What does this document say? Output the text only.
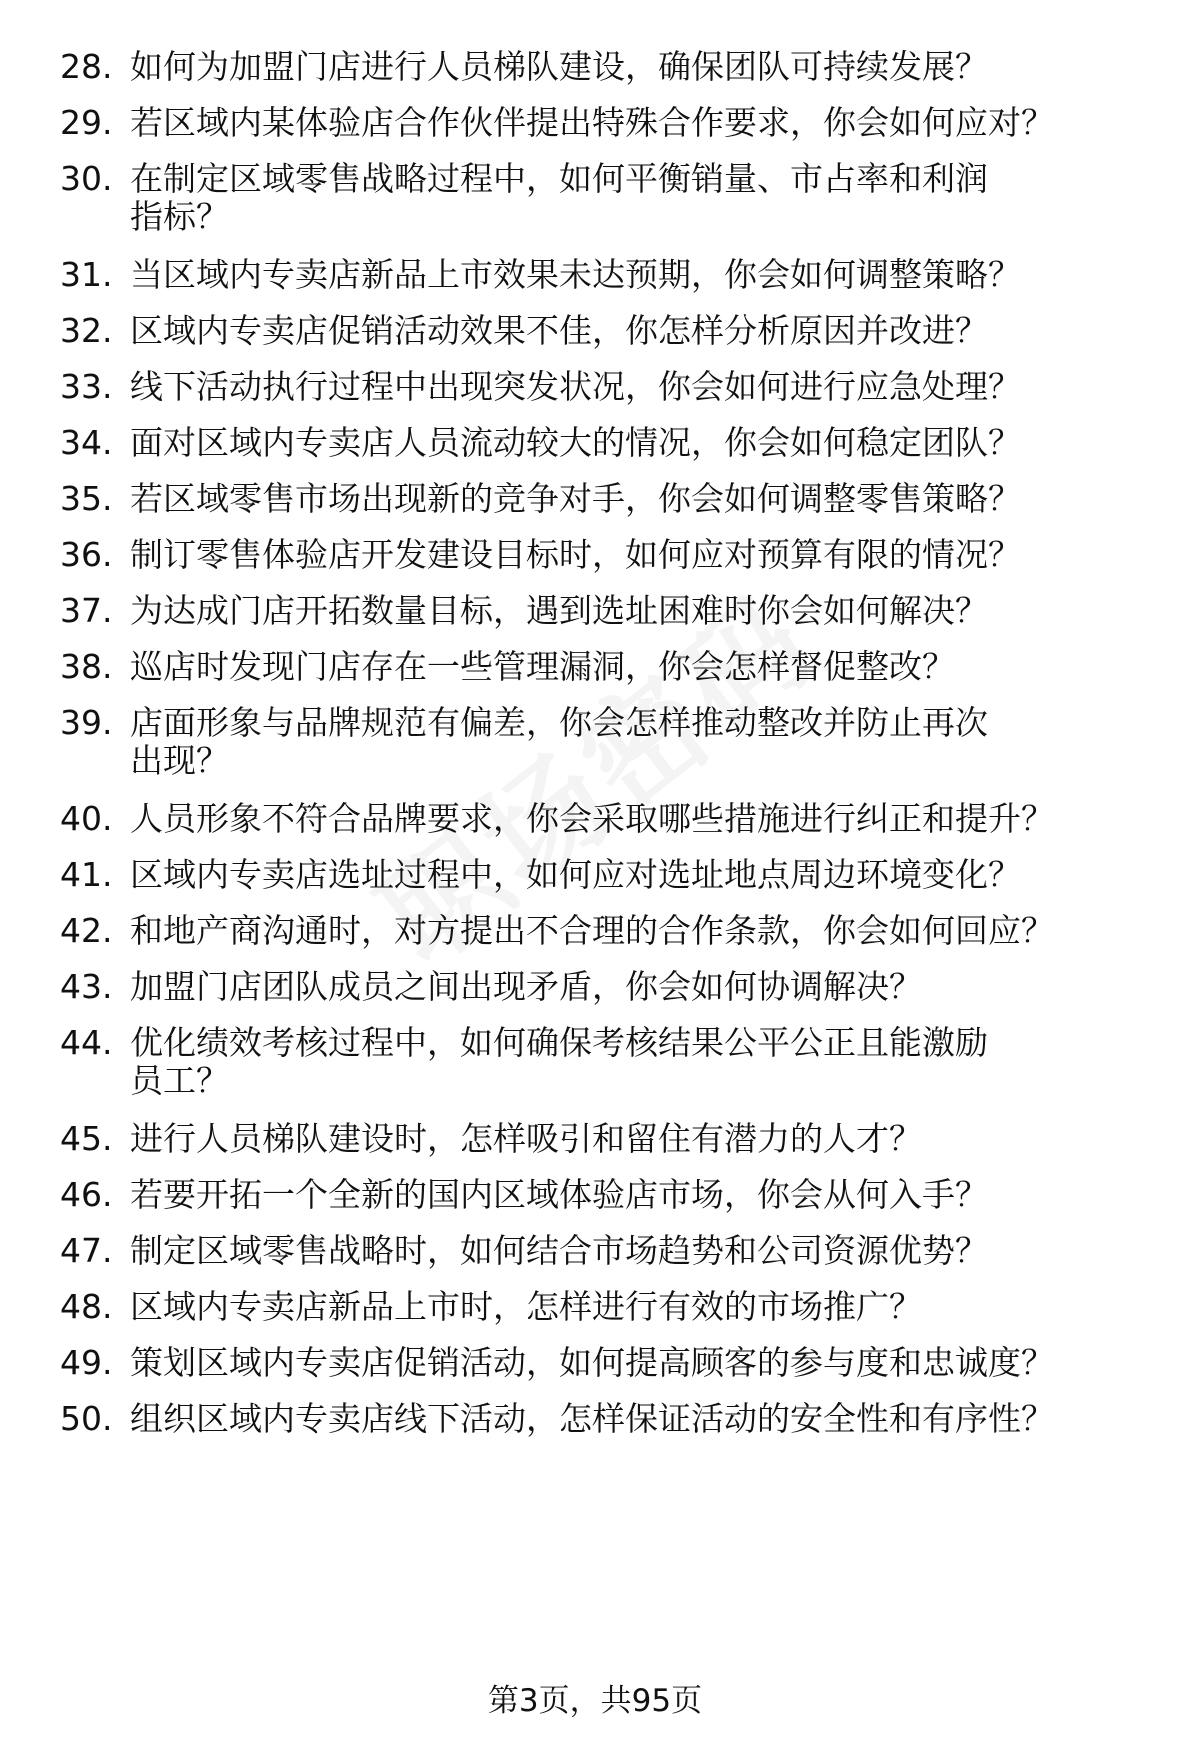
28. 如何为加盟门店进行人员梯队建设，确保团队可持续发展？
29. 若区域内某体验店合作伙伴提出特殊合作要求，你会如何应对？
30. 在制定区域零售战略过程中，如何平衡销量、市占率和利润指标？
31. 当区域内专卖店新品上市效果未达预期，你会如何调整策略？
32. 区域内专卖店促销活动效果不佳，你怎样分析原因并改进？
33. 线下活动执行过程中出现突发状况，你会如何进行应急处理？
34. 面对区域内专卖店人员流动较大的情况，你会如何稳定团队？
35. 若区域零售市场出现新的竞争对手，你会如何调整零售策略？
36. 制订零售体验店开发建设目标时，如何应对预算有限的情况？
37. 为达成门店开拓数量目标，遇到选址困难时你会如何解决？
38. 巡店时发现门店存在一些管理漏洞，你会怎样督促整改？
39. 店面形象与品牌规范有偏差，你会怎样推动整改并防止再次出现？
40. 人员形象不符合品牌要求，你会采取哪些措施进行纠正和提升？
41. 区域内专卖店选址过程中，如何应对选址地点周边环境变化？
42. 和地产商沟通时，对方提出不合理的合作条款，你会如何回应？
43. 加盟门店团队成员之间出现矛盾，你会如何协调解决？
44. 优化绩效考核过程中，如何确保考核结果公平公正且能激励员工？
45. 进行人员梯队建设时，怎样吸引和留住有潜力的人才？
46. 若要开拓一个全新的国内区域体验店市场，你会从何入手？
47. 制定区域零售战略时，如何结合市场趋势和公司资源优势？
48. 区域内专卖店新品上市时，怎样进行有效的市场推广？
49. 策划区域内专卖店促销活动，如何提高顾客的参与度和忠诚度？
50. 组织区域内专卖店线下活动，怎样保证活动的安全性和有序性？
第3页，共95页
